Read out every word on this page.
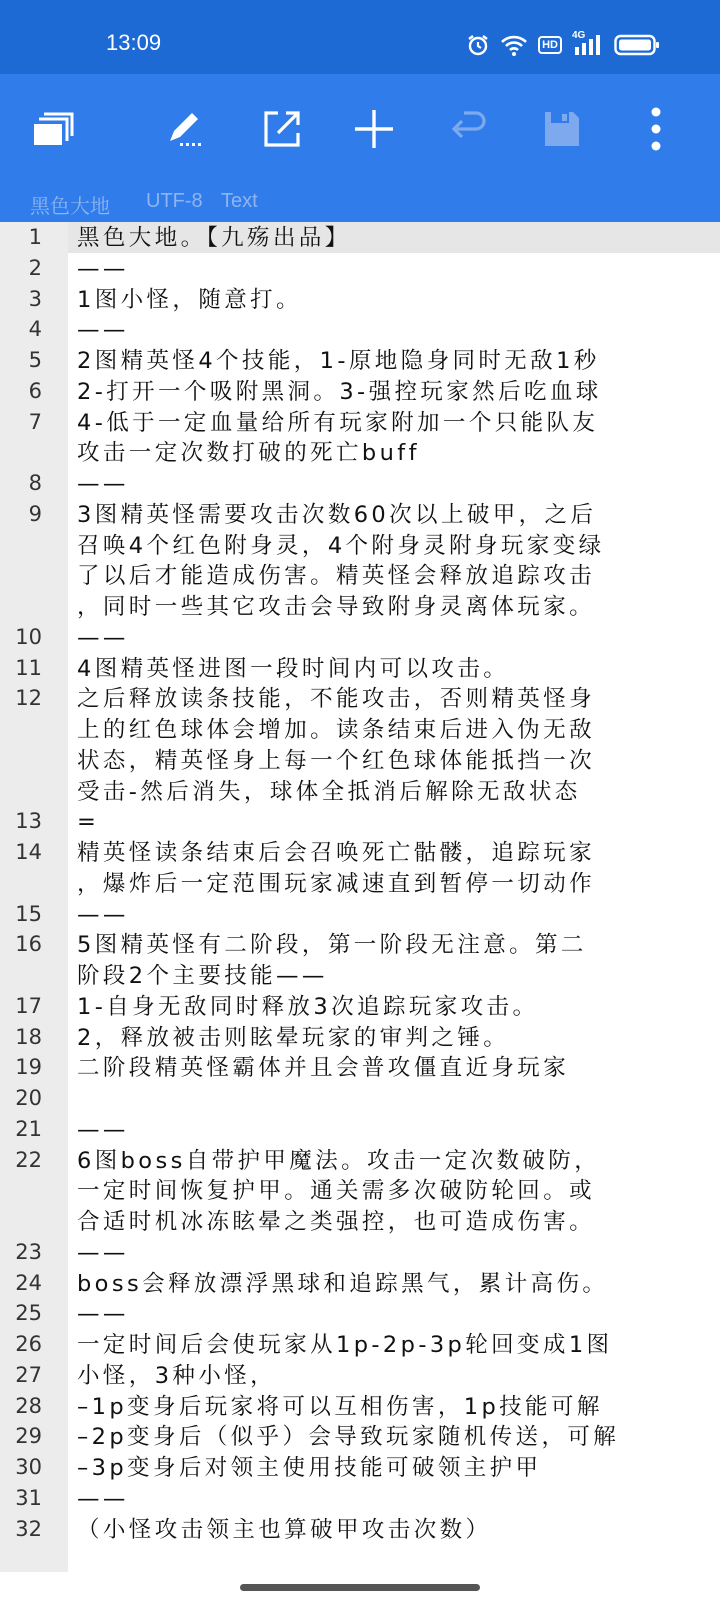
13:09	HD
4G
黑色大地 UTF-8 Text
1 黑色大地。【九殇出品】
2 ——
3 1图小怪，随意打。
4 ——
5 2图精英怪4个技能，1-原地隐身同时无敌1秒
6 2-打开一个吸附黑洞。3-强控玩家然后吃血球
7 4-低于一定血量给所有玩家附加一个只能队友
攻击一定次数打破的死亡buff
8 ——
9 3图精英怪需要攻击次数60次以上破甲，之后
召唤4个红色附身灵，4个附身灵附身玩家变绿
了以后才能造成伤害。精英怪会释放追踪攻击
，同时一些其它攻击会导致附身灵离体玩家。
10 ——
11 4图精英怪进图一段时间内可以攻击。
12 之后释放读条技能，不能攻击，否则精英怪身
上的红色球体会增加。读条结束后进入伪无敌
状态，精英怪身上每一个红色球体能抵挡一次
受击-然后消失，球体全抵消后解除无敌状态
13 =
14 精英怪读条结束后会召唤死亡骷髅，追踪玩家
，爆炸后一定范围玩家减速直到暂停一切动作
15 ——
16 5图精英怪有二阶段，第一阶段无注意。第二
阶段2个主要技能——
17 1-自身无敌同时释放3次追踪玩家攻击。
18 2，释放被击则眩晕玩家的审判之锤。
19 二阶段精英怪霸体并且会普攻僵直近身玩家
20
21 ——
22 6图boss自带护甲魔法。攻击一定次数破防，
一定时间恢复护甲。通关需多次破防轮回。或
合适时机冰冻眩晕之类强控，也可造成伤害。
23 ——
24 boss会释放漂浮黑球和追踪黑气，累计高伤。
25 ——
26 一定时间后会使玩家从1p-2p-3p轮回变成1图
27 小怪，3种小怪，
28 –1p变身后玩家将可以互相伤害，1p技能可解
29 –2p变身后（似乎）会导致玩家随机传送，可解
30 –3p变身后对领主使用技能可破领主护甲
31 ——
32 （小怪攻击领主也算破甲攻击次数）
